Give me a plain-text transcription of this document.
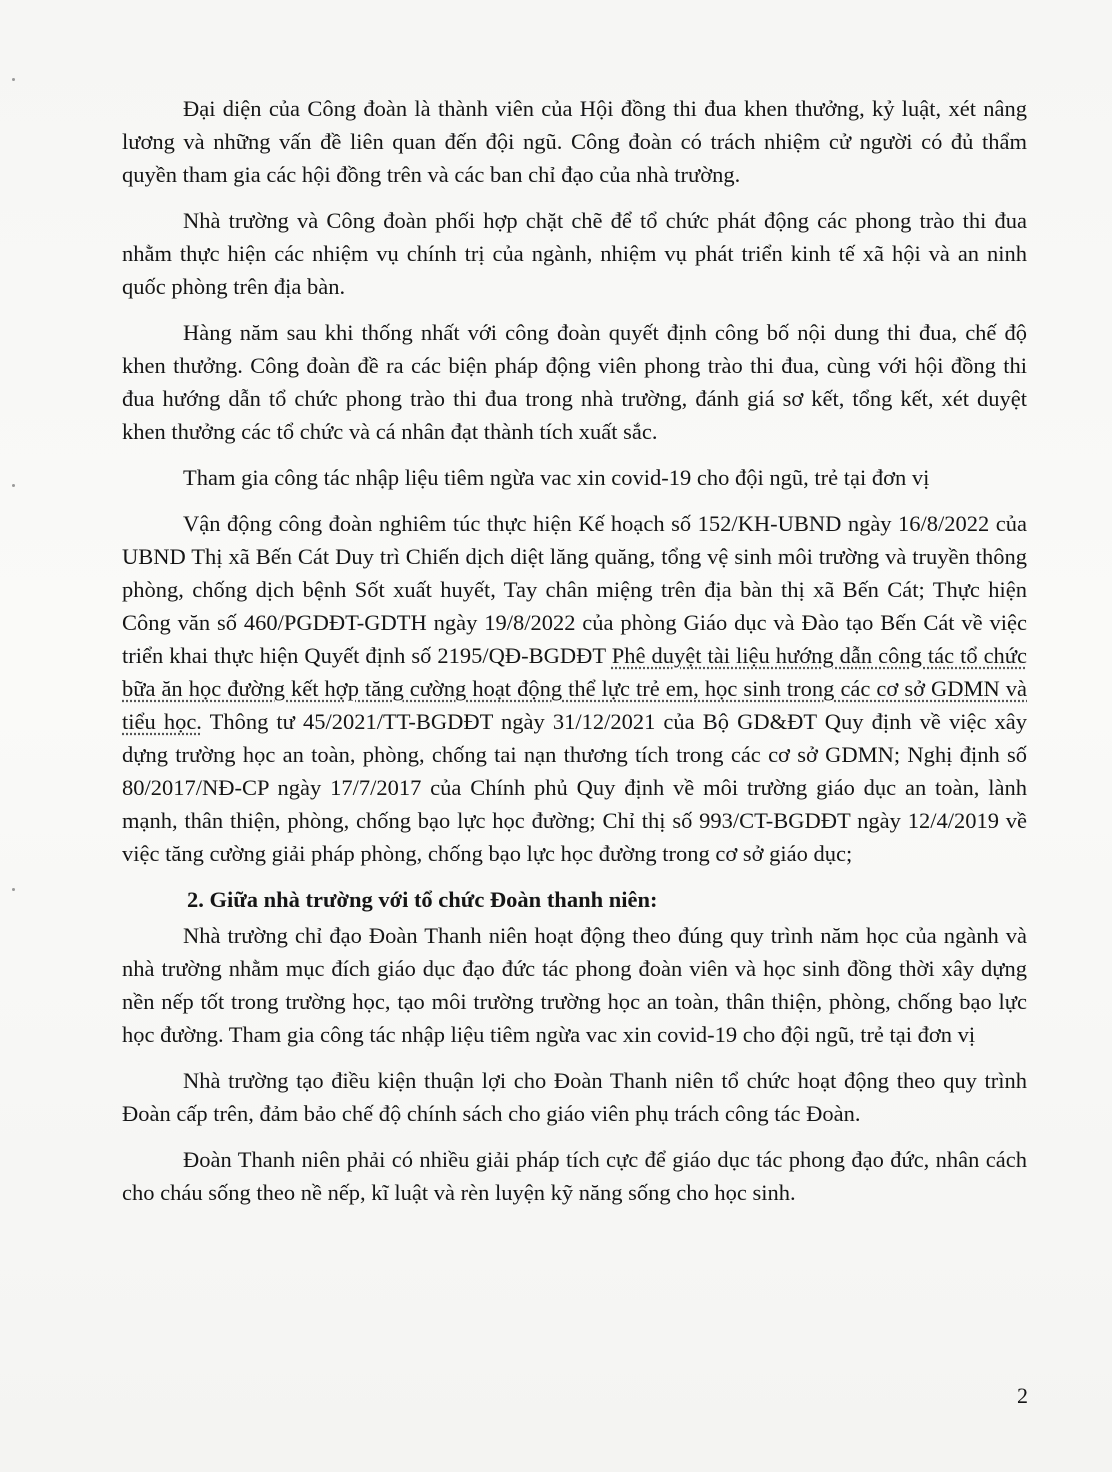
Đại diện của Công đoàn là thành viên của Hội đồng thi đua khen thưởng, kỷ luật, xét nâng lương và những vấn đề liên quan đến đội ngũ. Công đoàn có trách nhiệm cử người có đủ thẩm quyền tham gia các hội đồng trên và các ban chỉ đạo của nhà trường.

Nhà trường và Công đoàn phối hợp chặt chẽ để tổ chức phát động các phong trào thi đua nhằm thực hiện các nhiệm vụ chính trị của ngành, nhiệm vụ phát triển kinh tế xã hội và an ninh quốc phòng trên địa bàn.

Hàng năm sau khi thống nhất với công đoàn quyết định công bố nội dung thi đua, chế độ khen thưởng. Công đoàn đề ra các biện pháp động viên phong trào thi đua, cùng với hội đồng thi đua hướng dẫn tổ chức phong trào thi đua trong nhà trường, đánh giá sơ kết, tổng kết, xét duyệt khen thưởng các tổ chức và cá nhân đạt thành tích xuất sắc.

Tham gia công tác nhập liệu tiêm ngừa vac xin covid-19 cho đội ngũ, trẻ tại đơn vị

Vận động công đoàn nghiêm túc thực hiện Kế hoạch số 152/KH-UBND ngày 16/8/2022 của UBND Thị xã Bến Cát Duy trì Chiến dịch diệt lăng quăng, tổng vệ sinh môi trường và truyền thông phòng, chống dịch bệnh Sốt xuất huyết, Tay chân miệng trên địa bàn thị xã Bến Cát; Thực hiện Công văn số 460/PGDĐT-GDTH ngày 19/8/2022 của phòng Giáo dục và Đào tạo Bến Cát về việc triển khai thực hiện Quyết định số 2195/QĐ-BGDĐT Phê duyệt tài liệu hướng dẫn công tác tổ chức bữa ăn học đường kết hợp tăng cường hoạt động thể lực trẻ em, học sinh trong các cơ sở GDMN và tiểu học. Thông tư 45/2021/TT-BGDĐT ngày 31/12/2021 của Bộ GD&ĐT Quy định về việc xây dựng trường học an toàn, phòng, chống tai nạn thương tích trong các cơ sở GDMN; Nghị định số 80/2017/NĐ-CP ngày 17/7/2017 của Chính phủ Quy định về môi trường giáo dục an toàn, lành mạnh, thân thiện, phòng, chống bạo lực học đường; Chỉ thị số 993/CT-BGDĐT ngày 12/4/2019 về việc tăng cường giải pháp phòng, chống bạo lực học đường trong cơ sở giáo dục;

2. Giữa nhà trường với tổ chức Đoàn thanh niên:

Nhà trường chỉ đạo Đoàn Thanh niên hoạt động theo đúng quy trình năm học của ngành và nhà trường nhằm mục đích giáo dục đạo đức tác phong đoàn viên và học sinh đồng thời xây dựng nền nếp tốt trong trường học, tạo môi trường trường học an toàn, thân thiện, phòng, chống bạo lực học đường. Tham gia công tác nhập liệu tiêm ngừa vac xin covid-19 cho đội ngũ, trẻ tại đơn vị

Nhà trường tạo điều kiện thuận lợi cho Đoàn Thanh niên tổ chức hoạt động theo quy trình Đoàn cấp trên, đảm bảo chế độ chính sách cho giáo viên phụ trách công tác Đoàn.

Đoàn Thanh niên phải có nhiều giải pháp tích cực để giáo dục tác phong đạo đức, nhân cách cho cháu sống theo nề nếp, kĩ luật và rèn luyện kỹ năng sống cho học sinh.

2
